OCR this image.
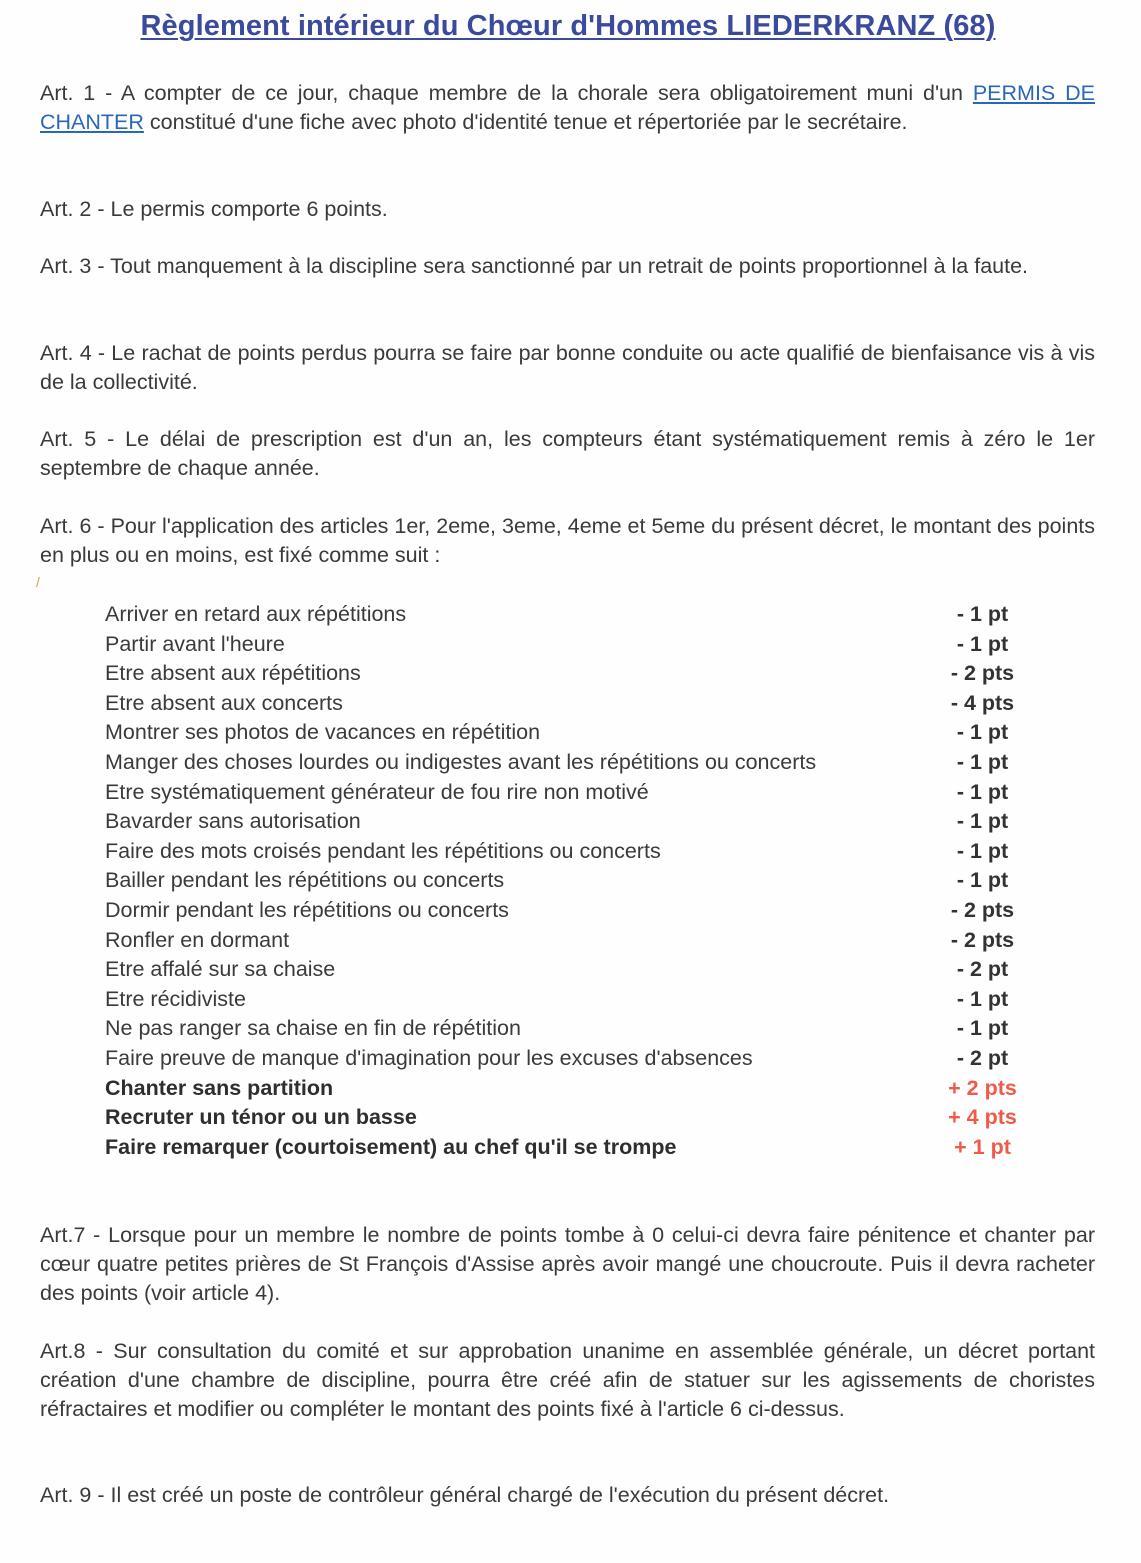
Règlement intérieur du Chœur d'Hommes LIEDERKRANZ (68)
Art. 1 - A compter de ce jour, chaque membre de la chorale sera obligatoirement muni d'un PERMIS DE CHANTER constitué d'une fiche avec photo d'identité tenue et répertoriée par le secrétaire.
Art. 2 - Le permis comporte 6 points.
Art. 3 - Tout manquement à la discipline sera sanctionné par un retrait de points proportionnel à la faute.
Art. 4 - Le rachat de points perdus pourra se faire par bonne conduite ou acte qualifié de bienfaisance vis à vis de la collectivité.
Art. 5 - Le délai de prescription est d'un an, les compteurs étant systématiquement remis à zéro le 1er septembre de chaque année.
Art. 6 - Pour l'application des articles 1er, 2eme, 3eme, 4eme et 5eme du présent décret, le montant des points en plus ou en moins, est fixé comme suit :
Arriver en retard aux répétitions	- 1 pt
Partir avant l'heure	- 1 pt
Etre absent aux répétitions	- 2 pts
Etre absent aux concerts	- 4 pts
Montrer ses photos de vacances en répétition	- 1 pt
Manger des choses lourdes ou indigestes avant les répétitions ou concerts	- 1 pt
Etre systématiquement générateur de fou rire non motivé	- 1 pt
Bavarder sans autorisation	- 1 pt
Faire des mots croisés pendant les répétitions ou concerts	- 1 pt
Bailler pendant les répétitions ou concerts	- 1 pt
Dormir pendant les répétitions ou concerts	- 2 pts
Ronfler en dormant	- 2 pts
Etre affalé sur sa chaise	- 2 pt
Etre récidiviste	- 1 pt
Ne pas ranger sa chaise en fin de répétition	- 1 pt
Faire preuve de manque d'imagination pour les excuses d'absences	- 2 pt
Chanter sans partition	+ 2 pts
Recruter un ténor ou un basse	+ 4 pts
Faire remarquer (courtoisement) au chef qu'il se trompe	+ 1 pt
Art.7 - Lorsque pour un membre le nombre de points tombe à 0 celui-ci devra faire pénitence et chanter par cœur quatre petites prières de St François d'Assise après avoir mangé une choucroute. Puis il devra racheter des points (voir article 4).
Art.8 - Sur consultation du comité et sur approbation unanime en assemblée générale, un décret portant création d'une chambre de discipline, pourra être créé afin de statuer sur les agissements de choristes réfractaires et modifier ou compléter le montant des points fixé à l'article 6 ci-dessus.
Art. 9 - Il est créé un poste de contrôleur général chargé de l'exécution du présent décret.
/
